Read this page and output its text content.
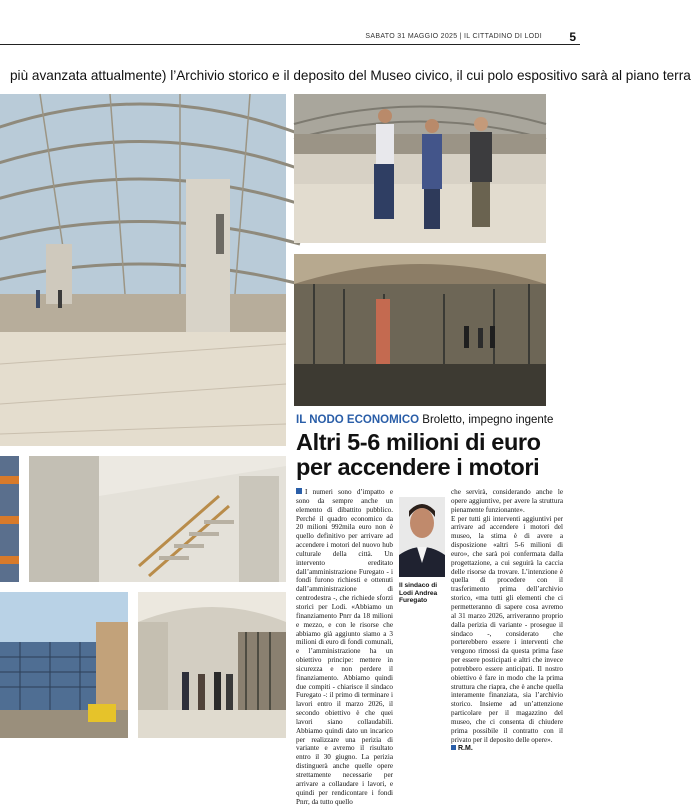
SABATO 31 MAGGIO 2025 | IL CITTADINO DI LODI 5
più avanzata attualmente) l’Archivio storico e il deposito del Museo civico, il cui polo espositivo sarà al piano terra
IL NODO ECONOMICO Broletto, impegno ingente
Altri 5-6 milioni di euro per accendere i motori
I numeri sono d’impatto e sono da sempre anche un elemento di dibattito pubblico. Perché il quadro economico da 20 milioni 992mila euro non è quello definitivo per arrivare ad accendere i motori del nuovo hub culturale della città. Un intervento ereditato dall’amministrazione Furegato - i fondi furono richiesti e ottenuti dall’amministrazione di centrodestra -, che richiede sforzi storici per Lodi. «Abbiamo un finanziamento Pnrr da 18 milioni e mezzo, e con le risorse che abbiamo già aggiunto siamo a 3 milioni di euro di fondi comunali, e l’amministrazione ha un obiettivo principe: mettere in sicurezza e non perdere il finanziamento. Abbiamo quindi due compiti - chiarisce il sindaco Furegato -: il primo di terminare i lavori entro il marzo 2026, il secondo obiettivo è che quei lavori siano collaudabili. Abbiamo quindi dato un incarico per realizzare una perizia di variante e avremo il risultato entro il 30 giugno. La perizia distinguerà anche quelle opere strettamente necessarie per arrivare a collaudare i lavori, e quindi per rendicontare i fondi Pnrr, da tutto quello
Il sindaco di Lodi Andrea Furegato
che servirà, considerando anche le opere aggiuntive, per avere la struttura pienamente funzionante».
E per tutti gli interventi aggiuntivi per arrivare ad accendere i motori del museo, la stima è di avere a disposizione «altri 5-6 milioni di euro», che sarà poi confermata dalla progettazione, a cui seguirà la caccia delle risorse da trovare. L’intenzione è quella di procedere con il trasferimento prima dell’archivio storico, «ma tutti gli elementi che ci permetteranno di sapere cosa avremo al 31 marzo 2026, arriveranno proprio dalla perizia di variante - prosegue il sindaco -, considerato che porterebbero essere i interventi che vengono rimossi da questa prima fase per essere posticipati e altri che invece potrebbero essere anticipati. Il nostro obiettivo è fare in modo che la prima struttura che riapra, che è anche quella interamente finanziata, sia l’archivio storico. Insieme ad un’attenzione particolare per il magazzino del museo, che ci consenta di chiudere prima possibile il contratto con il privato per il deposito delle opere».
R.M.
